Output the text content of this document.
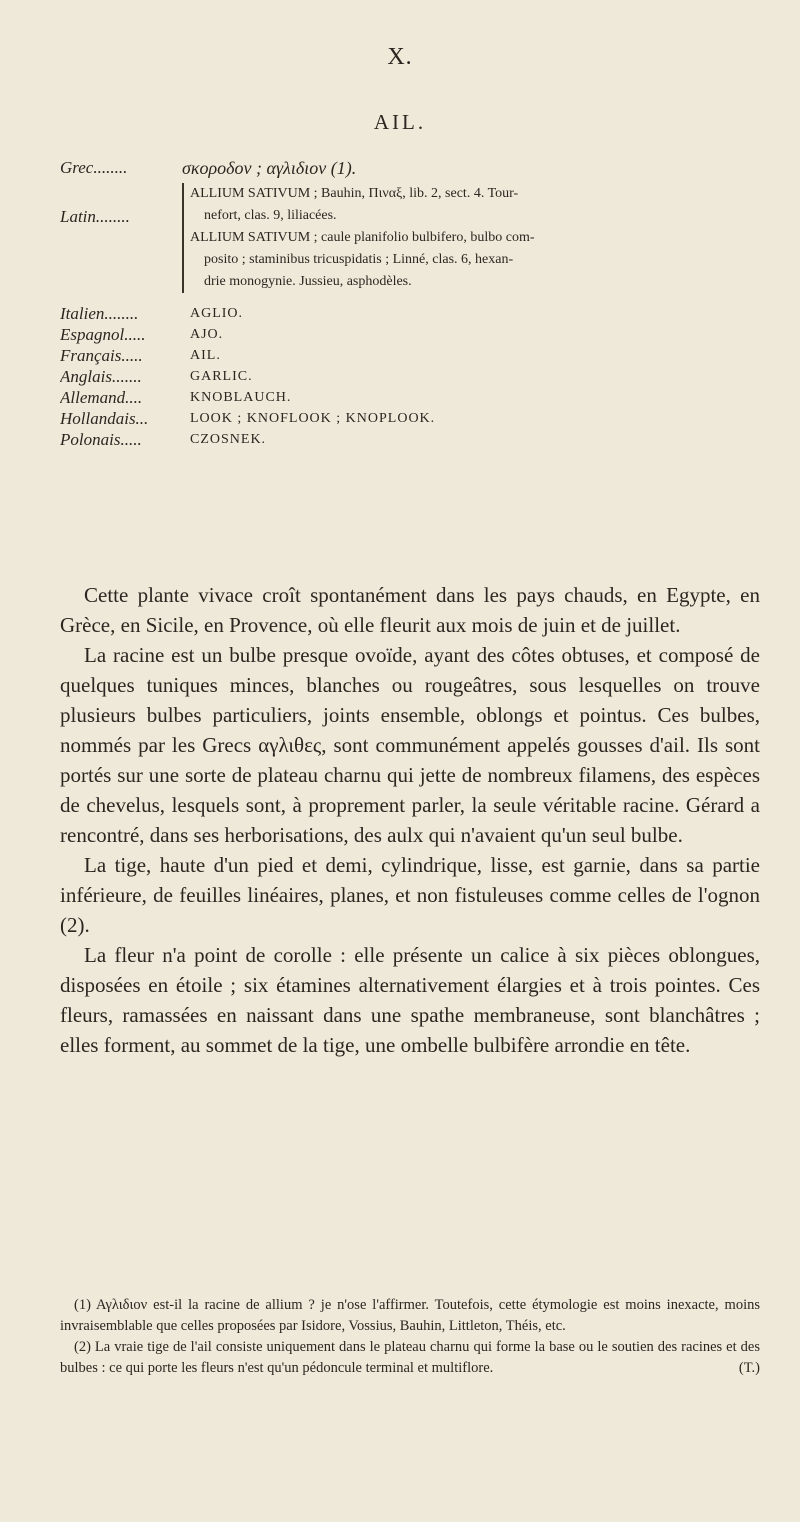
X.
AIL.
Grec........	σκοροδον ; αγλιδιον (1).
Latin........
ALLIUM SATIVUM ; Bauhin, Πιναξ, lib. 2, sect. 4. Tour-
nefort, clas. 9, liliacées.
ALLIUM SATIVUM ; caule planifolio bulbifero, bulbo com-
posito ; staminibus tricuspidatis ; Linné, clas. 6, hexan-
drie monogynie. Jussieu, asphodèles.
Italien........	AGLIO.
Espagnol.....	AJO.
Français.....	AIL.
Anglais.......	GARLIC.
Allemand....	KNOBLAUCH.
Hollandais...	LOOK ; KNOFLOOK ; KNOPLOOK.
Polonais.....	CZOSNEK.

Cette plante vivace croît spontanément dans les pays chauds, en Egypte, en Grèce, en Sicile, en Provence, où elle fleurit aux mois de juin et de juillet.

La racine est un bulbe presque ovoïde, ayant des côtes obtuses, et composé de quelques tuniques minces, blanches ou rougeâtres, sous lesquelles on trouve plusieurs bulbes particuliers, joints ensemble, oblongs et pointus. Ces bulbes, nommés par les Grecs αγλιθες, sont communément appelés gousses d'ail. Ils sont portés sur une sorte de plateau charnu qui jette de nombreux filamens, des espèces de chevelus, lesquels sont, à proprement parler, la seule véritable racine. Gérard a rencontré, dans ses herborisations, des aulx qui n'avaient qu'un seul bulbe.

La tige, haute d'un pied et demi, cylindrique, lisse, est garnie, dans sa partie inférieure, de feuilles linéaires, planes, et non fistuleuses comme celles de l'ognon (2).

La fleur n'a point de corolle : elle présente un calice à six pièces oblongues, disposées en étoile ; six étamines alternativement élargies et à trois pointes. Ces fleurs, ramassées en naissant dans une spathe membraneuse, sont blanchâtres ; elles forment, au sommet de la tige, une ombelle bulbifère arrondie en tête.

(1) Αγλιδιον est-il la racine de allium ? je n'ose l'affirmer. Toutefois, cette étymologie est moins inexacte, moins invraisemblable que celles proposées par Isidore, Vossius, Bauhin, Littleton, Théis, etc.

(2) La vraie tige de l'ail consiste uniquement dans le plateau charnu qui forme la base ou le soutien des racines et des bulbes : ce qui porte les fleurs n'est qu'un pédoncule terminal et multiflore.	(T.)
